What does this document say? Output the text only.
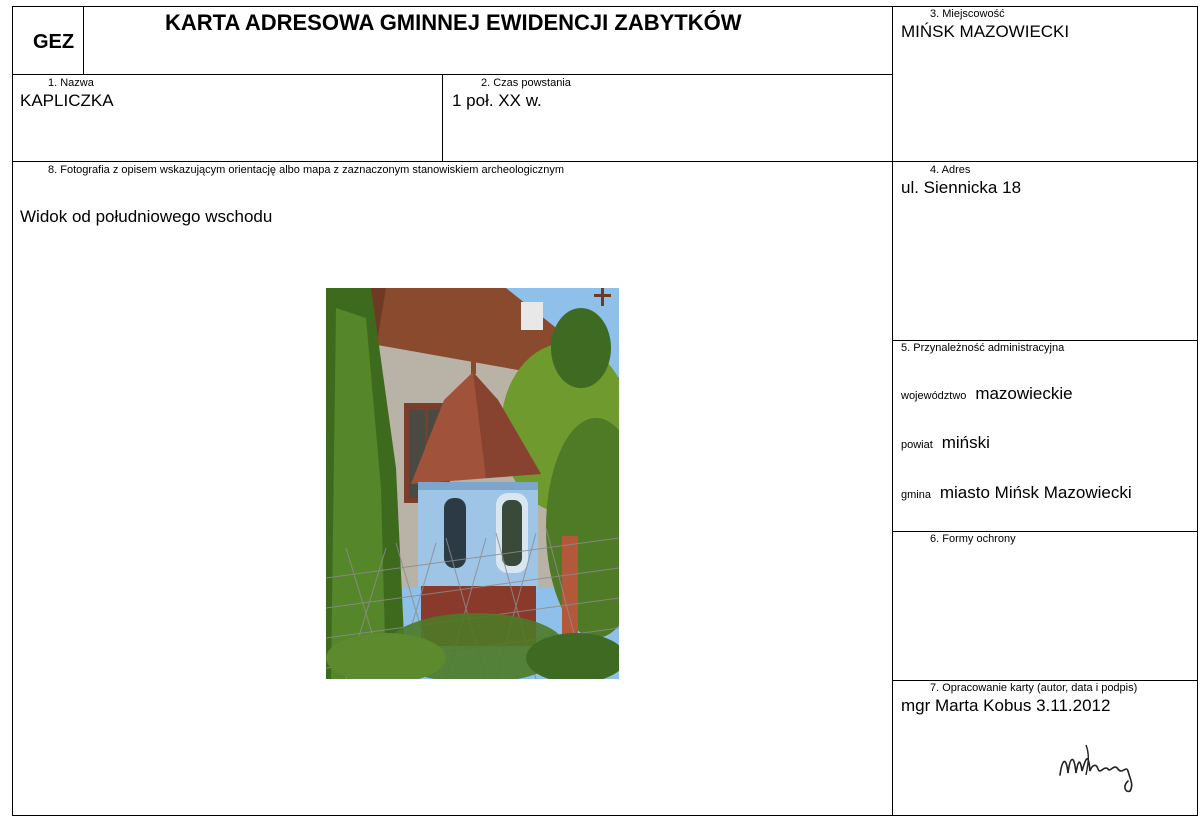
GEZ
KARTA ADRESOWA GMINNEJ EWIDENCJI ZABYTKÓW	3. Miejscowość
MIŃSK MAZOWIECKI
1. Nazwa
KAPLICZKA
2. Czas powstania
1 poł. XX w.
8. Fotografia z opisem wskazującym orientację albo mapa z zaznaczonym stanowiskiem archeologicznym
Widok od południowego wschodu
4. Adres
ul. Siennicka 18
5. Przynależność administracyjna
województwo mazowieckie
powiat miński
gmina miasto Mińsk Mazowiecki
6. Formy ochrony
7. Opracowanie karty (autor, data i podpis)
mgr Marta Kobus 3.11.2012
